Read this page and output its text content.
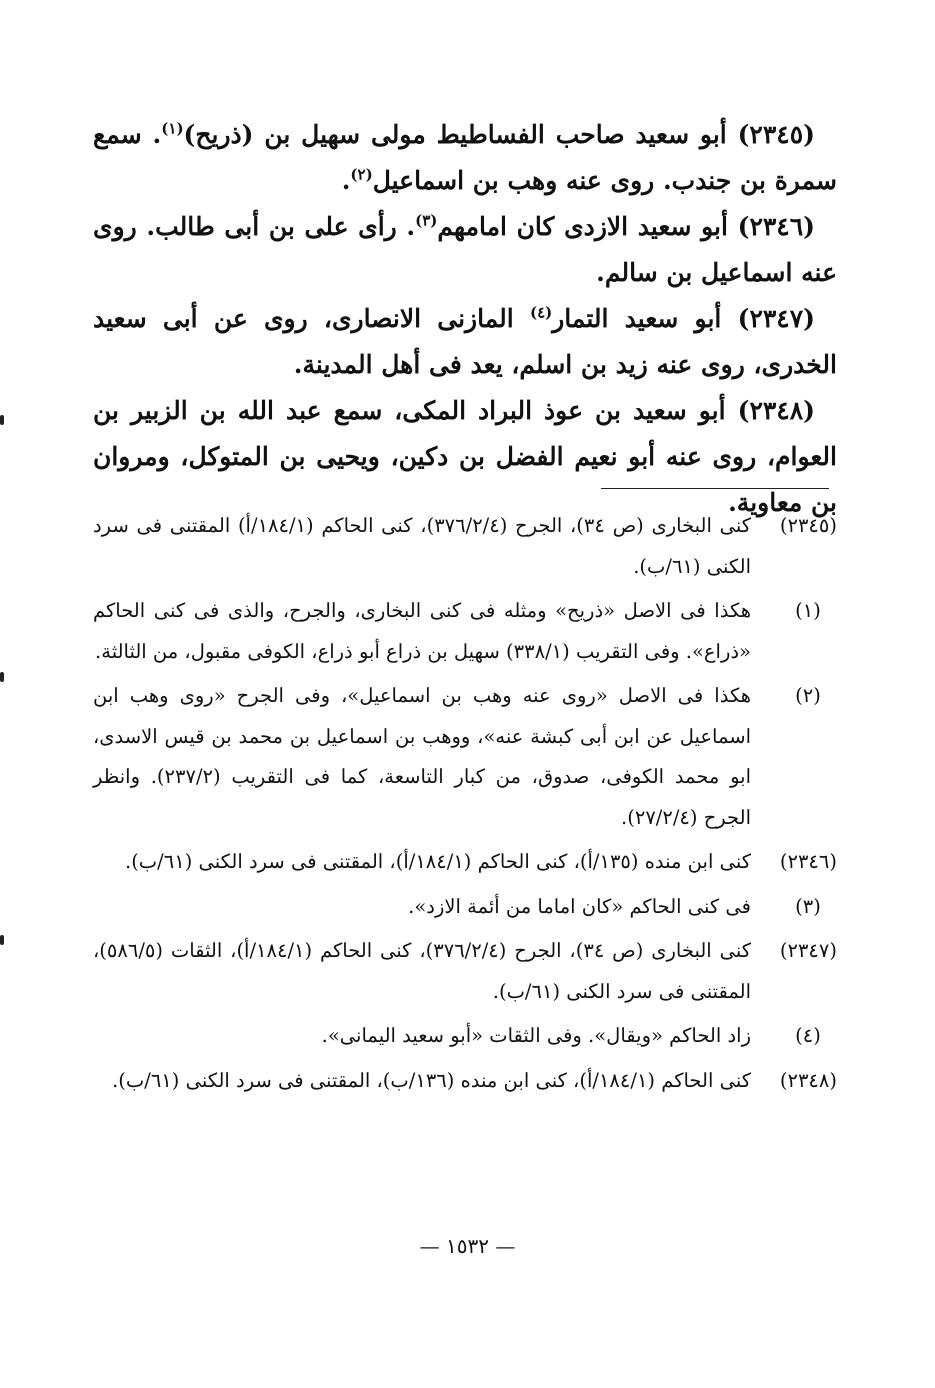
(٢٣٤٥) أبو سعيد صاحب الفساطيط مولى سهيل بن (ذريح)$^{(١)}$. سمع سمرة بن جندب. روى عنه وهب بن اسماعيل$^{(٢)}$.

(٢٣٤٦) أبو سعيد الازدى كان امامهم$^{(٣)}$. رأى على بن أبى طالب. روى عنه اسماعيل بن سالم.

(٢٣٤٧) أبو سعيد التمار$^{(٤)}$ المازنى الانصارى، روى عن أبى سعيد الخدرى، روى عنه زيد بن اسلم، يعد فى أهل المدينة.

(٢٣٤٨) أبو سعيد بن عوذ البراد المكى، سمع عبد الله بن الزبير بن العوام، روى عنه أبو نعيم الفضل بن دكين، ويحيى بن المتوكل، ومروان بن معاوية.

(٢٣٤٥)
كنى البخارى (ص ٣٤)، الجرح (٣٧٦/٢/٤)، كنى الحاكم (١٨٤/١/أ) المقتنى فى سرد الكنى (٦١/ب).
(١)
هكذا فى الاصل «ذريح» ومثله فى كنى البخارى، والجرح، والذى فى كنى الحاكم «ذراع». وفى التقريب (٣٣٨/١) سهيل بن ذراع أبو ذراع، الكوفى مقبول، من الثالثة.
(٢)
هكذا فى الاصل «روى عنه وهب بن اسماعيل»، وفى الجرح «روى وهب ابن اسماعيل عن ابن أبى كبشة عنه»، ووهب بن اسماعيل بن محمد بن قيس الاسدى، ابو محمد الكوفى، صدوق، من كبار التاسعة، كما فى التقريب (٢٣٧/٢). وانظر الجرح (٢٧/٢/٤).
(٢٣٤٦)
كنى ابن منده (١٣٥/أ)، كنى الحاكم (١٨٤/١/أ)، المقتنى فى سرد الكنى (٦١/ب).
(٣)
فى كنى الحاكم «كان اماما من أئمة الازد».
(٢٣٤٧)
كنى البخارى (ص ٣٤)، الجرح (٣٧٦/٢/٤)، كنى الحاكم (١٨٤/١/أ)، الثقات (٥٨٦/٥)، المقتنى فى سرد الكنى (٦١/ب).
(٤)
زاد الحاكم «ويقال». وفى الثقات «أبو سعيد اليمانى».
(٢٣٤٨)
كنى الحاكم (١٨٤/١/أ)، كنى ابن منده (١٣٦/ب)، المقتنى فى سرد الكنى (٦١/ب).
— ١٥٣٢ —
